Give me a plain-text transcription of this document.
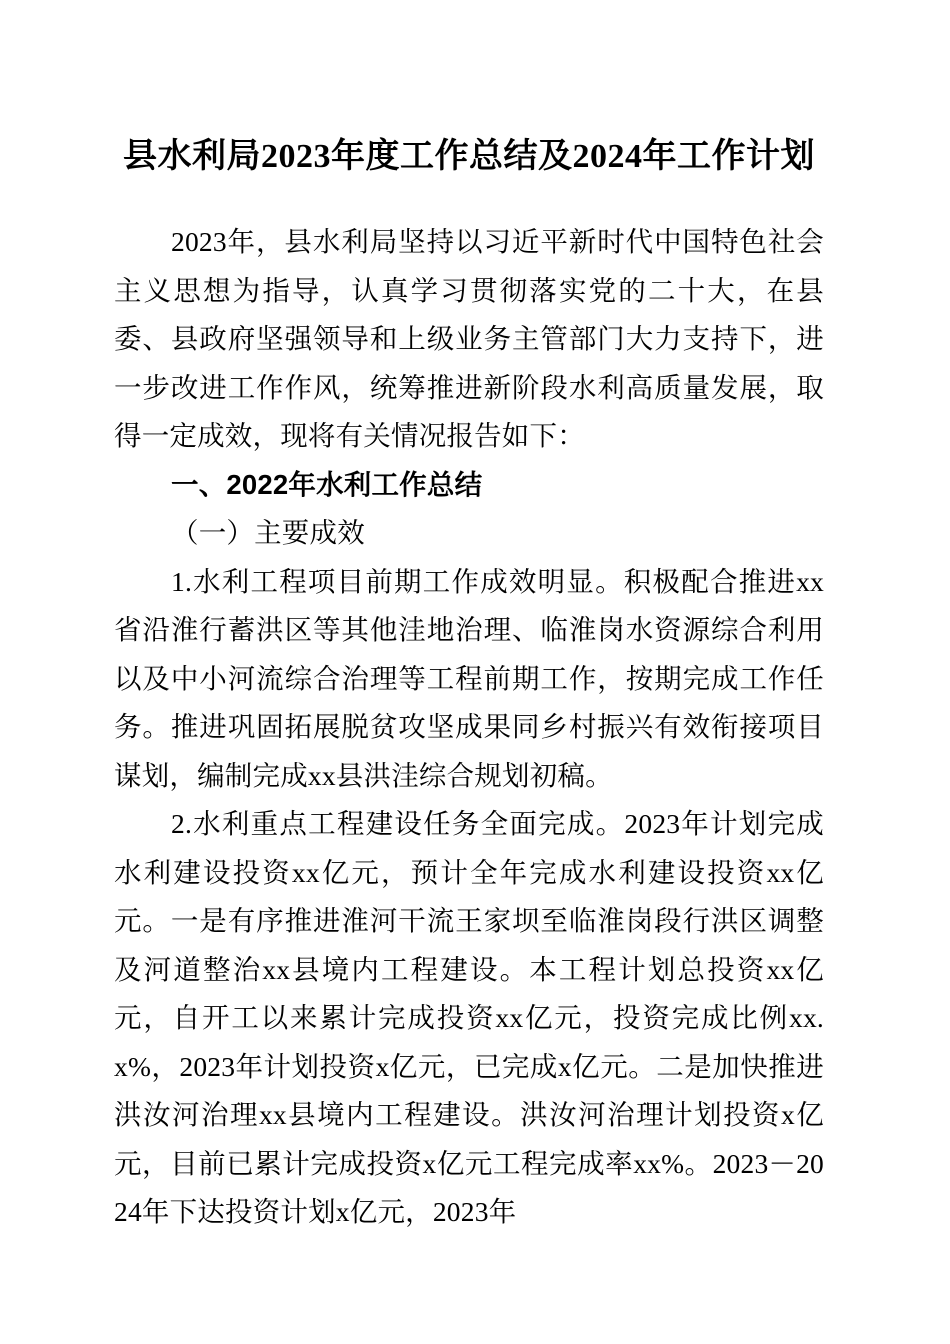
县水利局2023年度工作总结及2024年工作计划

2023年，县水利局坚持以习近平新时代中国特色社会主义思想为指导，认真学习贯彻落实党的二十大，在县委、县政府坚强领导和上级业务主管部门大力支持下，进一步改进工作作风，统筹推进新阶段水利高质量发展，取得一定成效，现将有关情况报告如下：

一、2022年水利工作总结

（一）主要成效

1.水利工程项目前期工作成效明显。积极配合推进xx省沿淮行蓄洪区等其他洼地治理、临淮岗水资源综合利用以及中小河流综合治理等工程前期工作，按期完成工作任务。推进巩固拓展脱贫攻坚成果同乡村振兴有效衔接项目谋划，编制完成xx县洪洼综合规划初稿。

2.水利重点工程建设任务全面完成。2023年计划完成水利建设投资xx亿元，预计全年完成水利建设投资xx亿元。一是有序推进淮河干流王家坝至临淮岗段行洪区调整及河道整治xx县境内工程建设。本工程计划总投资xx亿元，自开工以来累计完成投资xx亿元，投资完成比例xx.x%，2023年计划投资x亿元，已完成x亿元。二是加快推进洪汝河治理xx县境内工程建设。洪汝河治理计划投资x亿元，目前已累计完成投资x亿元工程完成率xx%。2023－2024年下达投资计划x亿元，2023年
